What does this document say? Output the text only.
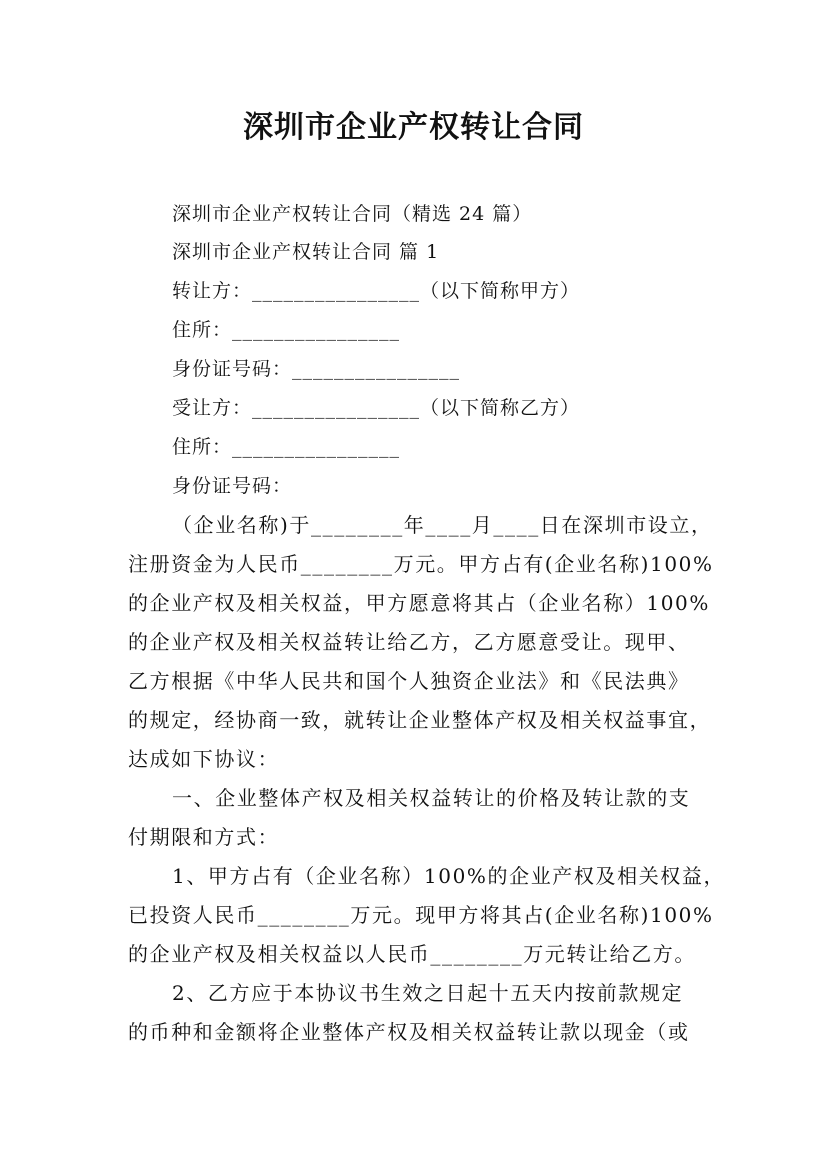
深圳市企业产权转让合同
深圳市企业产权转让合同（精选 24 篇）
深圳市企业产权转让合同 篇 1
转让方：________________（以下简称甲方）
住所：________________
身份证号码：________________
受让方：________________（以下简称乙方）
住所：________________
身份证号码：
（企业名称)于________年____月____日在深圳市设立，
注册资金为人民币________万元。甲方占有(企业名称)100%
的企业产权及相关权益，甲方愿意将其占（企业名称）100%
的企业产权及相关权益转让给乙方，乙方愿意受让。现甲、
乙方根据《中华人民共和国个人独资企业法》和《民法典》
的规定，经协商一致，就转让企业整体产权及相关权益事宜，
达成如下协议：
一、企业整体产权及相关权益转让的价格及转让款的支
付期限和方式：
1、甲方占有（企业名称）100%的企业产权及相关权益，
已投资人民币________万元。现甲方将其占(企业名称)100%
的企业产权及相关权益以人民币________万元转让给乙方。
2、乙方应于本协议书生效之日起十五天内按前款规定
的币种和金额将企业整体产权及相关权益转让款以现金（或
